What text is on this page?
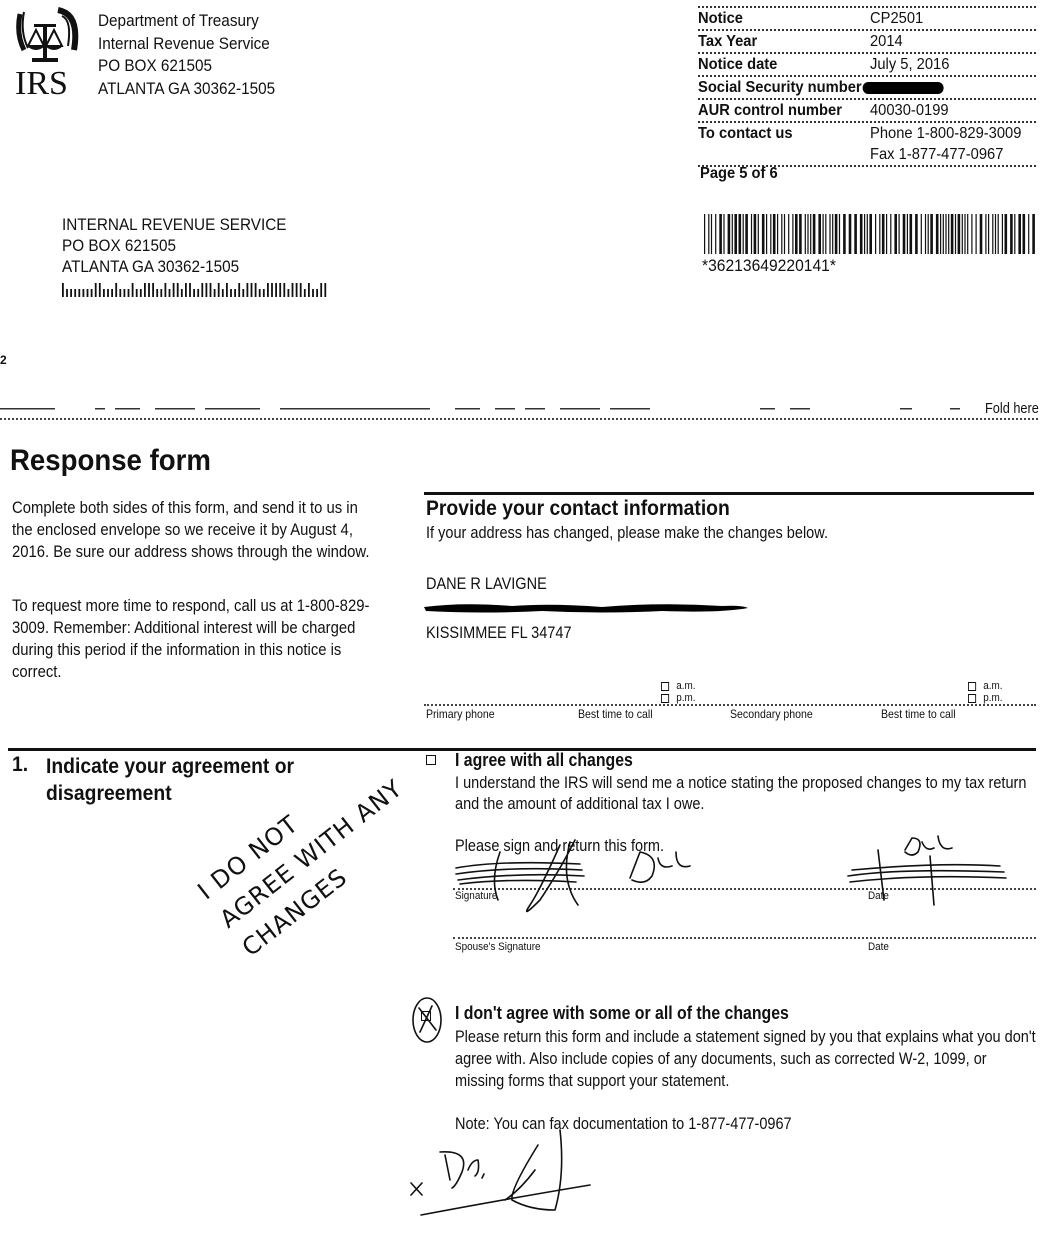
IRS
Department of Treasury
Internal Revenue Service
PO BOX 621505
ATLANTA GA 30362-1505
Notice	CP2501
Tax Year	2014
Notice date	July 5, 2016
Social Security number
AUR control number	40030-0199
To contact us	Phone 1-800-829-3009
Fax 1-877-477-0967
Page 5 of 6
INTERNAL REVENUE SERVICE
PO BOX 621505
ATLANTA GA 30362-1505	*36213649220141*
2
Fold here
Response form
Complete both sides of this form, and send it to us in the enclosed envelope so we receive it by August 4, 2016. Be sure our address shows through the window.
To request more time to respond, call us at 1-800-829-3009. Remember: Additional interest will be charged during this period if the information in this notice is correct.
Provide your contact information
If your address has changed, please make the changes below.
DANE R LAVIGNE
KISSIMMEE FL 34747
a.m.
p.m.
a.m.
p.m.
Primary phone	Best time to call	Secondary phone	Best time to call
1. Indicate your agreement or disagreement
I agree with all changes
I understand the IRS will send me a notice stating the proposed changes to my tax return and the amount of additional tax I owe.
Please sign and return this form.
Signature	Date
Spouse's Signature	Date
I don't agree with some or all of the changes
Please return this form and include a statement signed by you that explains what you don't agree with. Also include copies of any documents, such as corrected W-2, 1099, or missing forms that support your statement.
Note: You can fax documentation to 1-877-477-0967
I DO NOT
AGREE WITH ANY
CHANGES
